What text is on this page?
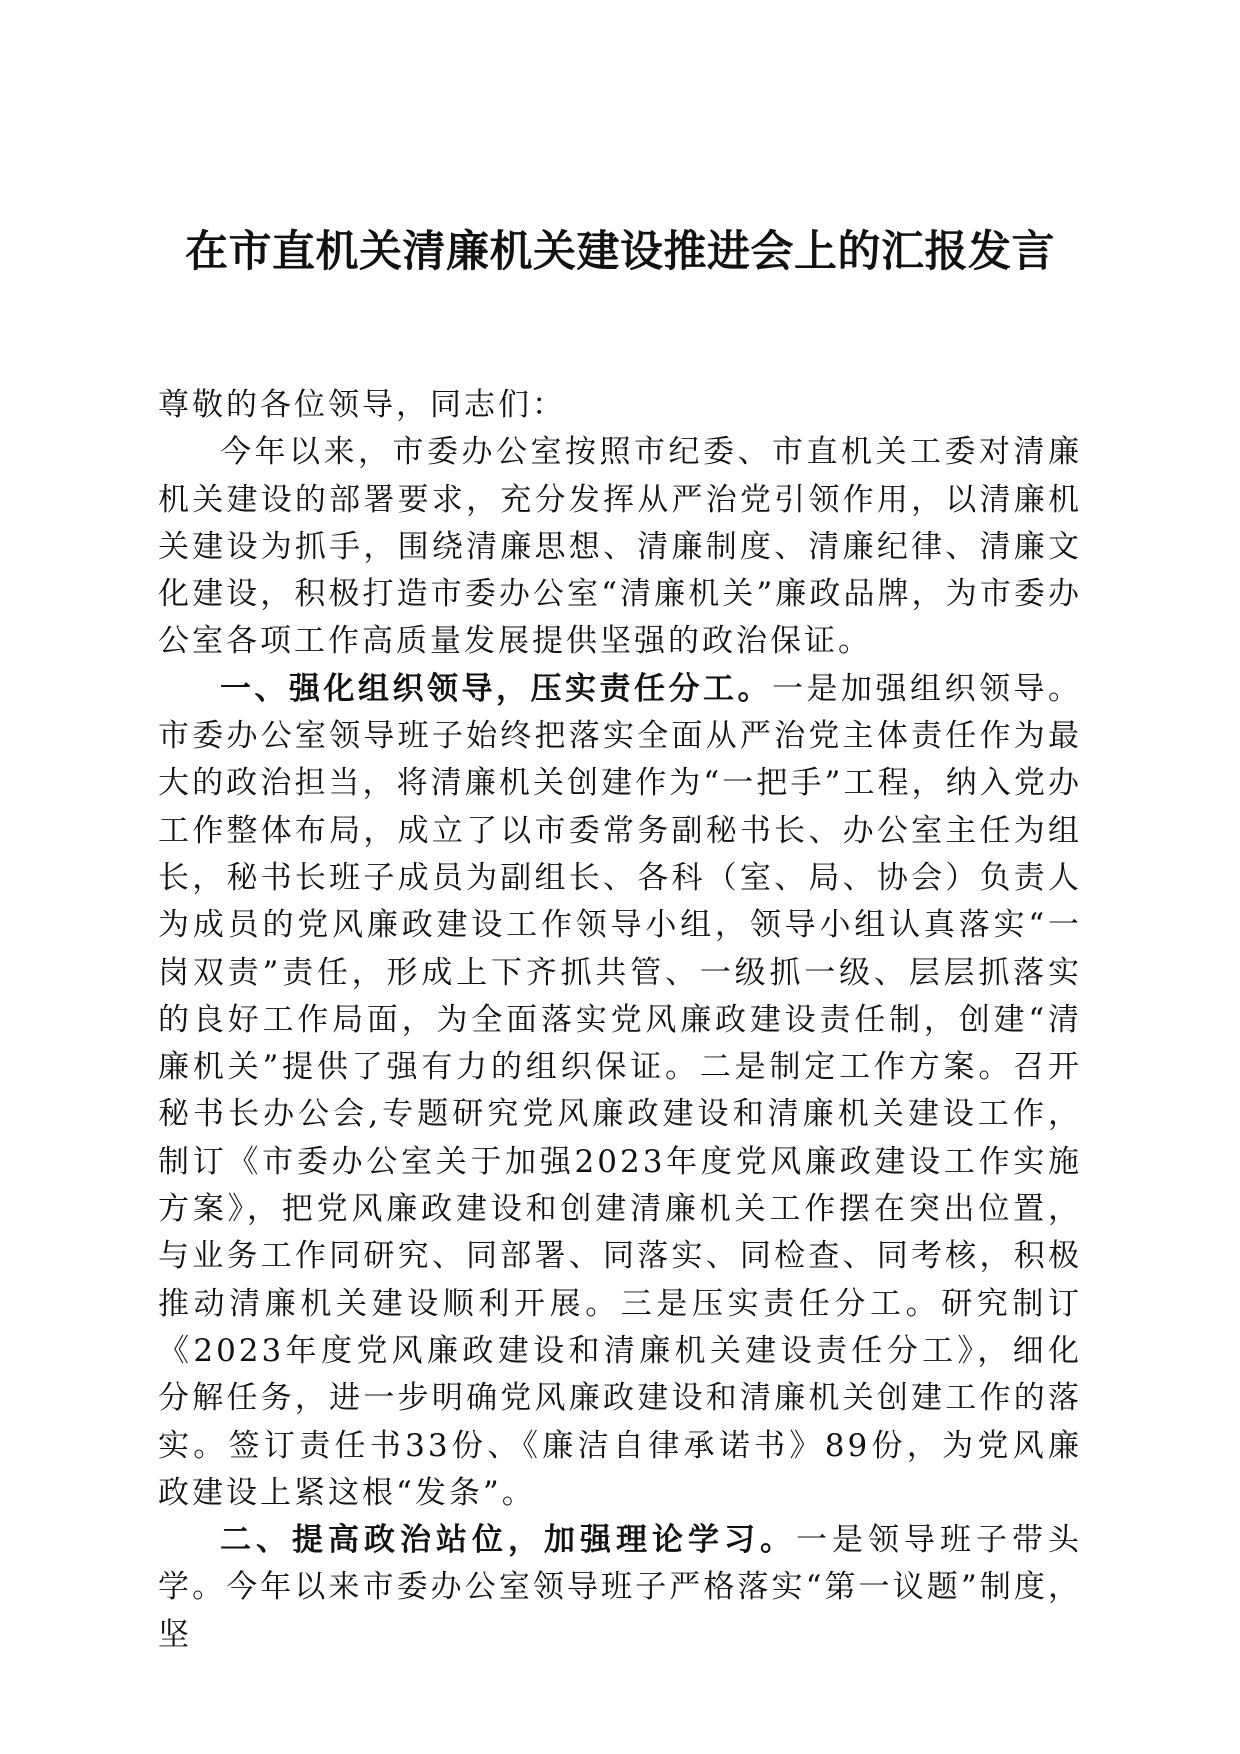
在市直机关清廉机关建设推进会上的汇报发言

尊敬的各位领导，同志们：

今年以来，市委办公室按照市纪委、市直机关工委对清廉机关建设的部署要求，充分发挥从严治党引领作用，以清廉机关建设为抓手，围绕清廉思想、清廉制度、清廉纪律、清廉文化建设，积极打造市委办公室“清廉机关”廉政品牌，为市委办公室各项工作高质量发展提供坚强的政治保证。

一、强化组织领导，压实责任分工。一是加强组织领导。市委办公室领导班子始终把落实全面从严治党主体责任作为最大的政治担当，将清廉机关创建作为“一把手”工程，纳入党办工作整体布局，成立了以市委常务副秘书长、办公室主任为组长，秘书长班子成员为副组长、各科（室、局、协会）负责人为成员的党风廉政建设工作领导小组，领导小组认真落实“一岗双责”责任，形成上下齐抓共管、一级抓一级、层层抓落实的良好工作局面，为全面落实党风廉政建设责任制，创建“清廉机关”提供了强有力的组织保证。二是制定工作方案。召开秘书长办公会,专题研究党风廉政建设和清廉机关建设工作，制订《市委办公室关于加强2023年度党风廉政建设工作实施方案》，把党风廉政建设和创建清廉机关工作摆在突出位置，与业务工作同研究、同部署、同落实、同检查、同考核，积极推动清廉机关建设顺利开展。三是压实责任分工。研究制订《2023年度党风廉政建设和清廉机关建设责任分工》，细化分解任务，进一步明确党风廉政建设和清廉机关创建工作的落实。签订责任书33份、《廉洁自律承诺书》89份，为党风廉政建设上紧这根“发条”。

二、提高政治站位，加强理论学习。一是领导班子带头学。今年以来市委办公室领导班子严格落实“第一议题”制度，坚
